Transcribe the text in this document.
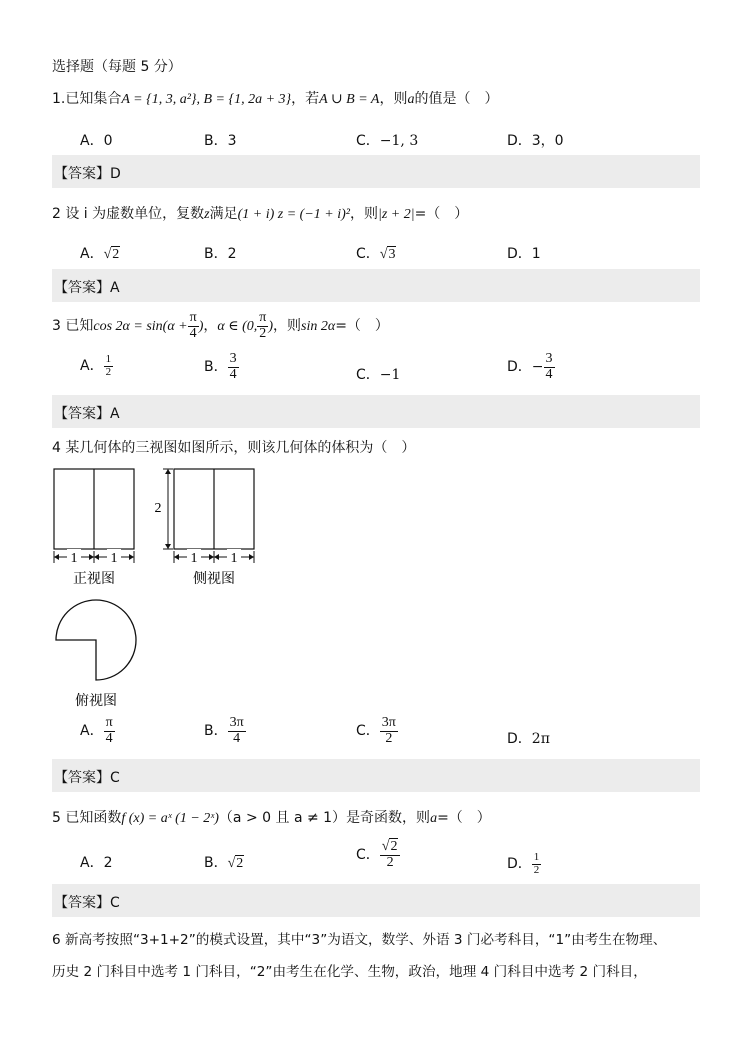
选择题（每题 5 分）
1.已知集合A = {1, 3, a²}, B = {1, 2a + 3}，若A ∪ B = A，则a的值是（　）
A．0	B．3	C．−1, 3	D．3，0
【答案】D
2 设 i 为虚数单位，复数z满足(1 + i) z = (−1 + i)²，则|z + 2|=（　）
A．√2	B．2	C．√3	D．1
【答案】A
3 已知$\cos 2\alpha = \sin(\alpha + \frac{\pi}{4}$ )，α ∈ (0, $\frac{\pi}{2}$ )，则sin 2α=（　）
A． $\frac{1}{2}$	B． $\frac{3}{4}$	C．−1	D．− $\frac{3}{4}$
【答案】A
4 某几何体的三视图如图所示，则该几何体的体积为（　）
1 1
正视图
2
1 1
侧视图
俯视图
A． $\frac{\pi}{4}$	B． $\frac{3\pi}{4}$	C． $\frac{3\pi}{2}$	D．2π
【答案】C
5 已知函数f (x) = aˣ (1 − 2ˣ)（a > 0 且 a ≠ 1）是奇函数，则a=（　）
A．2	B．√2
C． $\frac{√2}{2}$	D． $\frac{1}{2}$
【答案】C
6 新高考按照“3+1+2”的模式设置，其中“3”为语文，数学、外语 3 门必考科目，“1”由考生在物理、
历史 2 门科目中选考 1 门科目，“2”由考生在化学、生物，政治，地理 4 门科目中选考 2 门科目，
